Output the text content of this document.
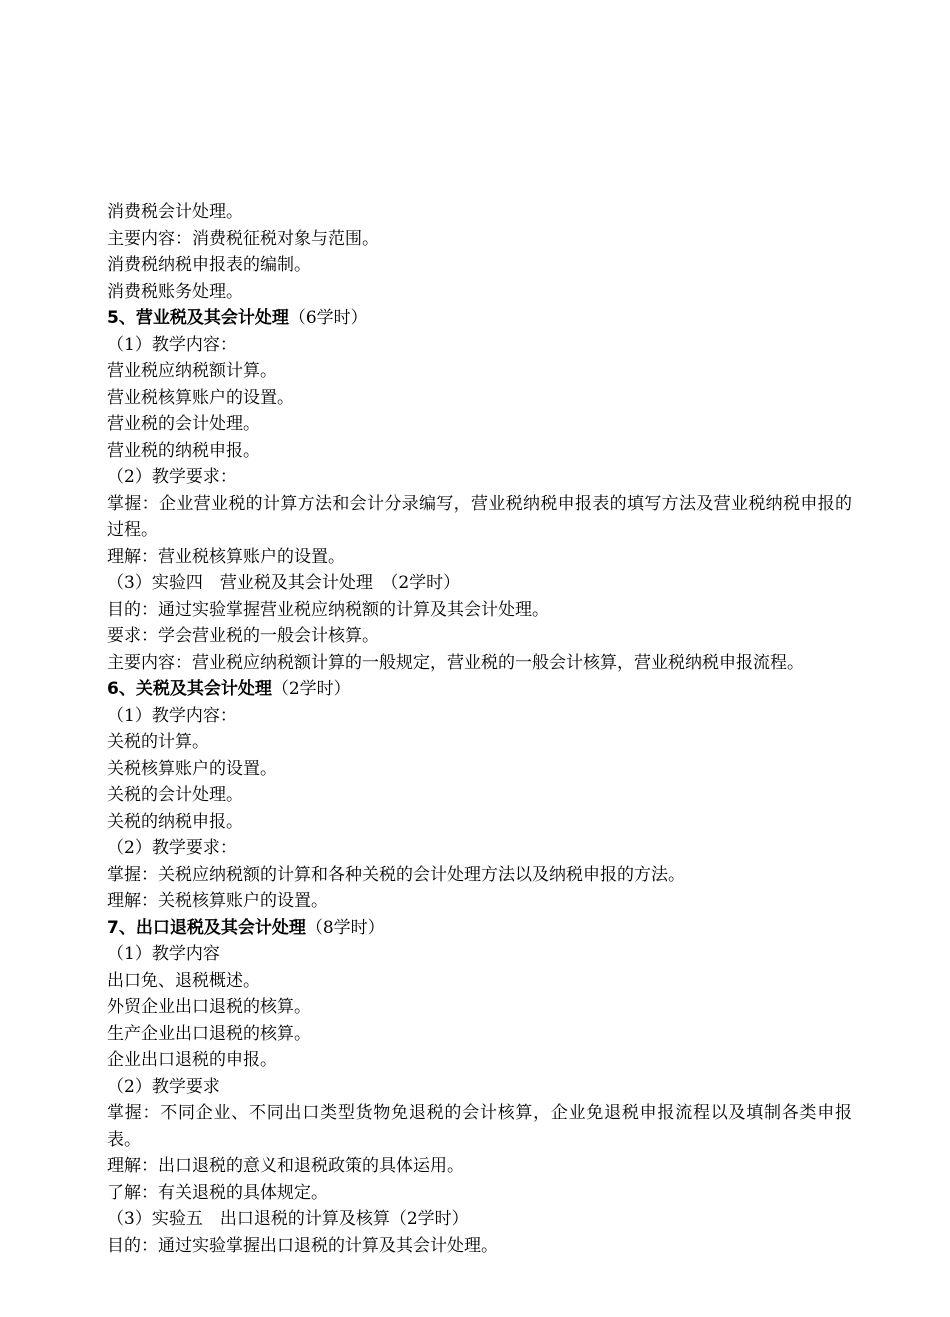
消费税会计处理。
主要内容：消费税征税对象与范围。
消费税纳税申报表的编制。
消费税账务处理。
5、营业税及其会计处理（6学时）
（1）教学内容：
营业税应纳税额计算。
营业税核算账户的设置。
营业税的会计处理。
营业税的纳税申报。
（2）教学要求：
掌握：企业营业税的计算方法和会计分录编写，营业税纳税申报表的填写方法及营业税纳税申报的过程。
理解：营业税核算账户的设置。
（3）实验四　营业税及其会计处理　（2学时）
目的：通过实验掌握营业税应纳税额的计算及其会计处理。
要求：学会营业税的一般会计核算。
主要内容：营业税应纳税额计算的一般规定，营业税的一般会计核算，营业税纳税申报流程。
6、关税及其会计处理（2学时）
（1）教学内容：
关税的计算。
关税核算账户的设置。
关税的会计处理。
关税的纳税申报。
（2）教学要求：
掌握：关税应纳税额的计算和各种关税的会计处理方法以及纳税申报的方法。
理解：关税核算账户的设置。
7、出口退税及其会计处理（8学时）
（1）教学内容
出口免、退税概述。
外贸企业出口退税的核算。
生产企业出口退税的核算。
企业出口退税的申报。
（2）教学要求
掌握：不同企业、不同出口类型货物免退税的会计核算，企业免退税申报流程以及填制各类申报表。
理解：出口退税的意义和退税政策的具体运用。
了解：有关退税的具体规定。
（3）实验五　出口退税的计算及核算（2学时）
目的：通过实验掌握出口退税的计算及其会计处理。
